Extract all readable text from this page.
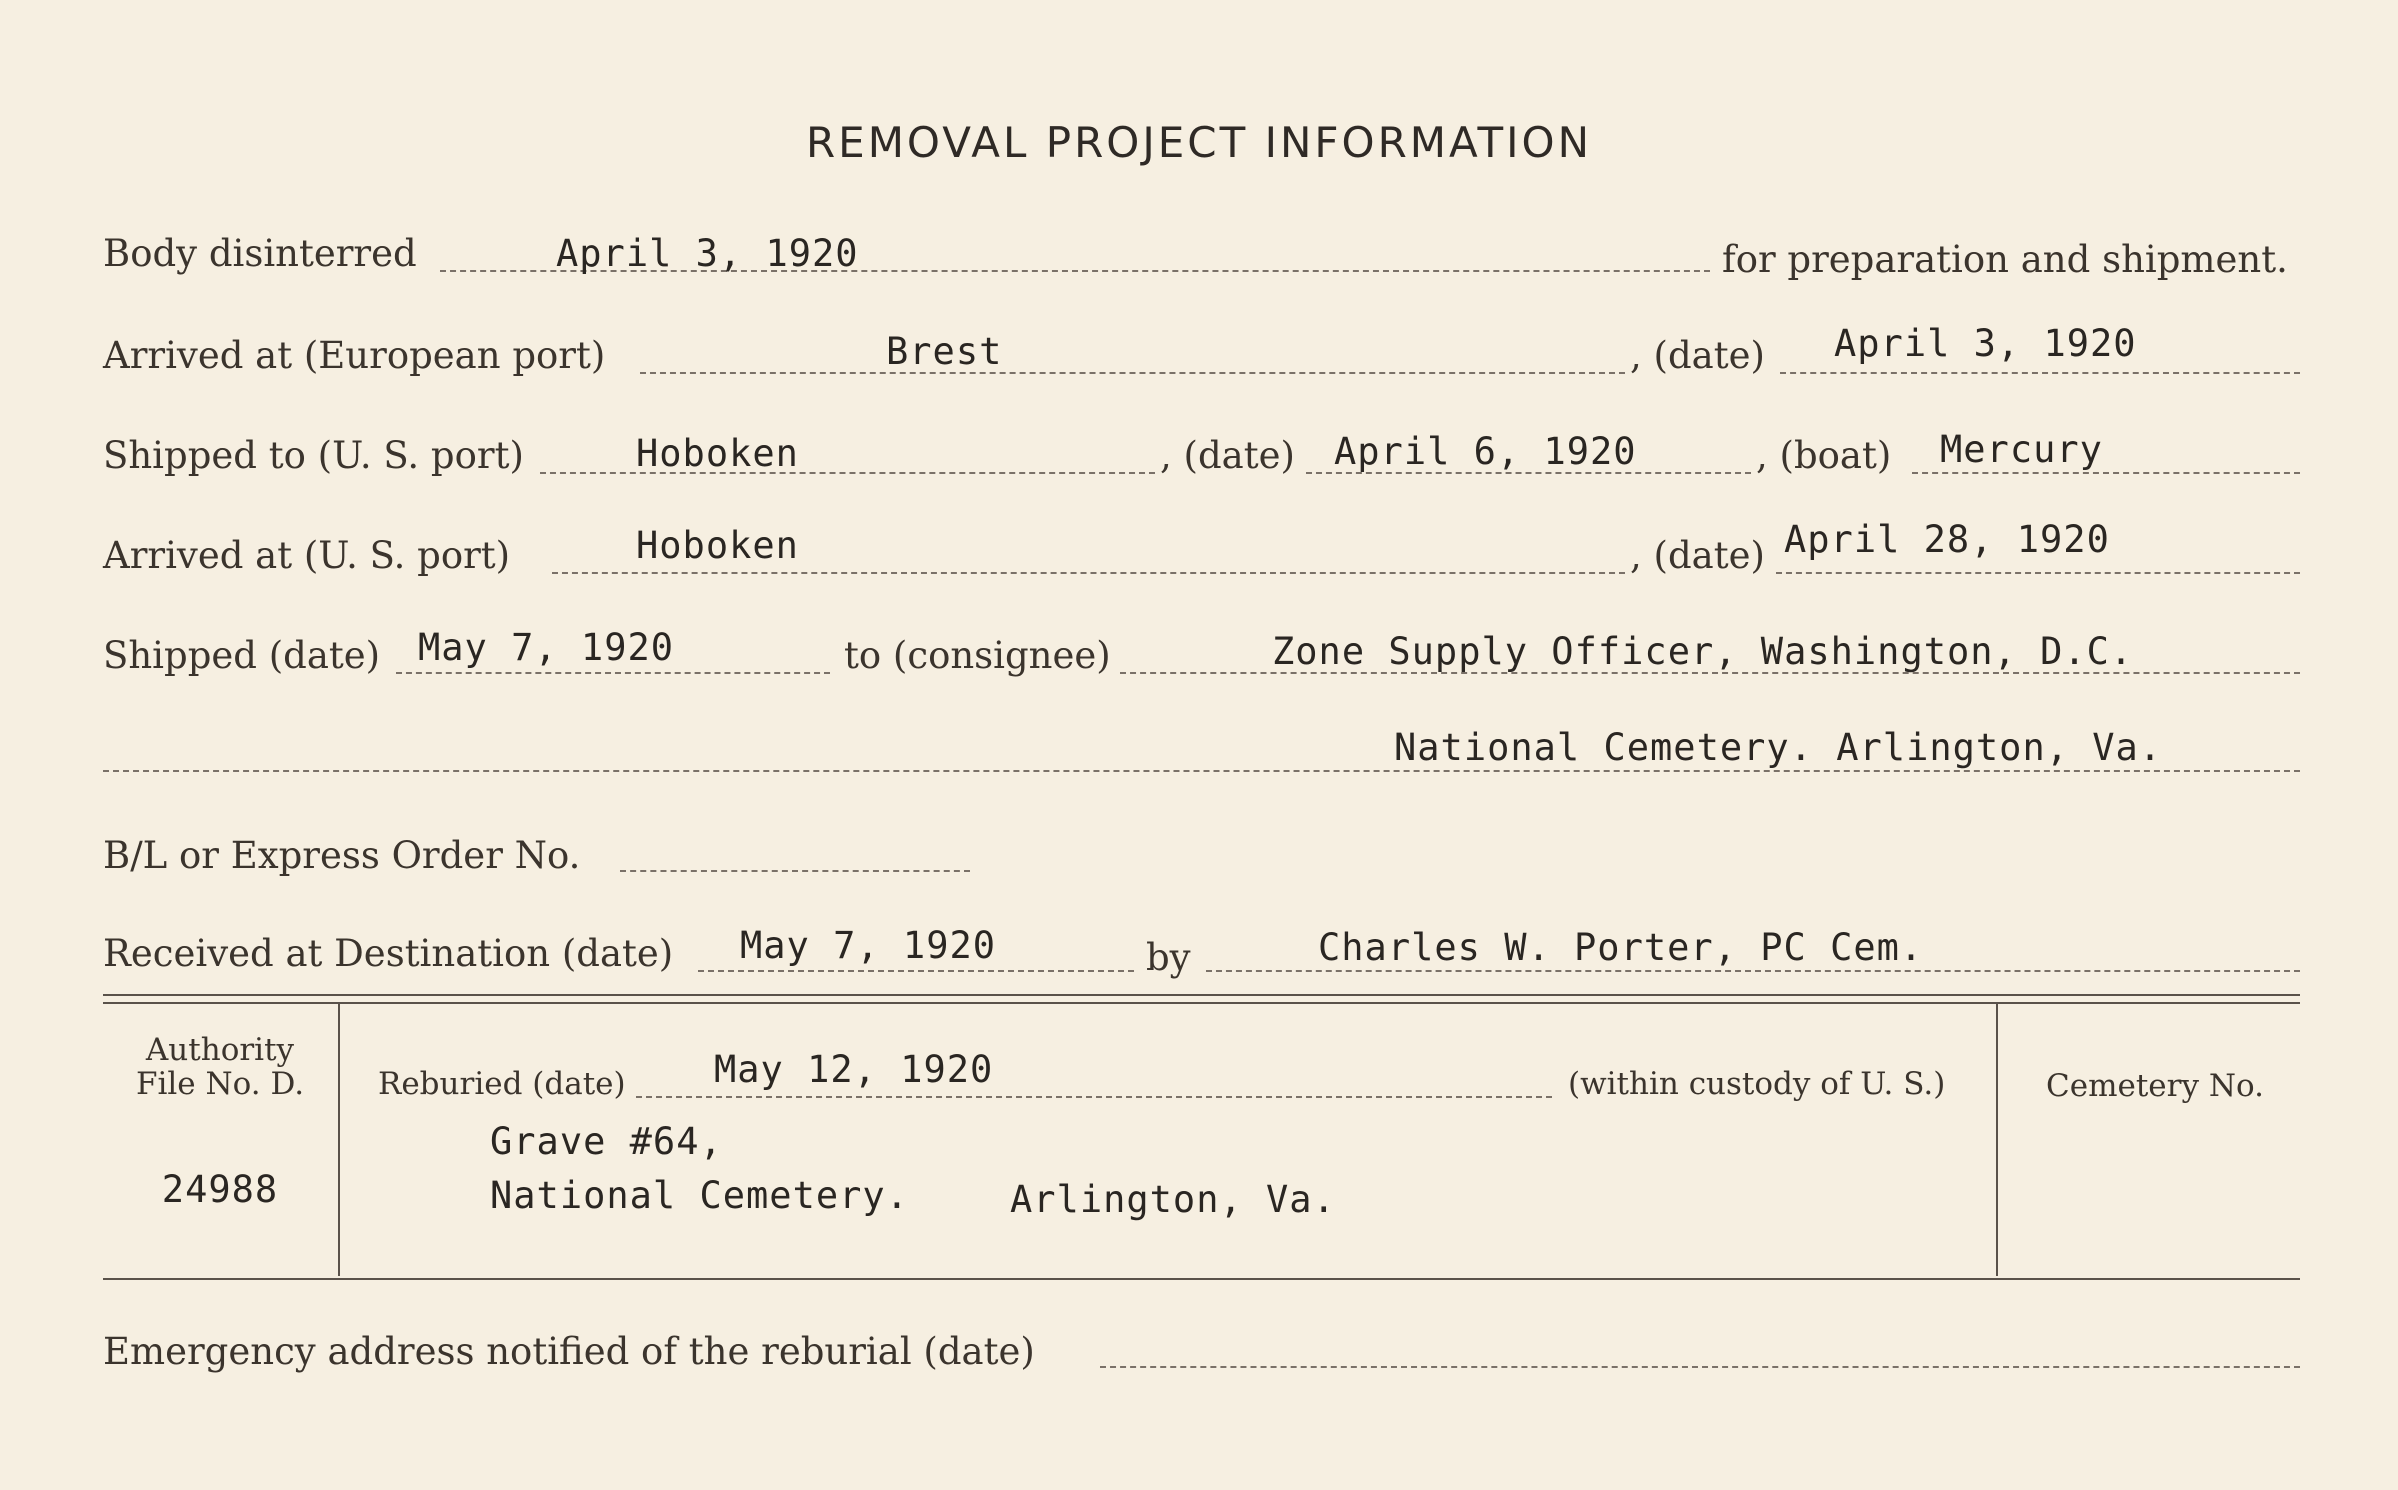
REMOVAL PROJECT INFORMATION
Body disinterred	April 3, 1920	for preparation and shipment.
Arrived at (European port)	Brest	, (date) April 3, 1920
Shipped to (U. S. port)	Hoboken	, (date) April 6, 1920	, (boat) Mercury
Arrived at (U. S. port)	Hoboken	, (date) April 28, 1920
Shipped (date) May 7, 1920	to (consignee)	Zone Supply Officer, Washington, D.C.
National Cemetery. Arlington, Va.
B/L or Express Order No.
Received at Destination (date) May 7, 1920	by	Charles W. Porter, PC Cem.
Authority
File No. D.
24988
Reburied (date) May 12, 1920	(within custody of U. S.)
Grave #64,
National Cemetery.	Arlington, Va.
Cemetery No.
Emergency address notified of the reburial (date)
